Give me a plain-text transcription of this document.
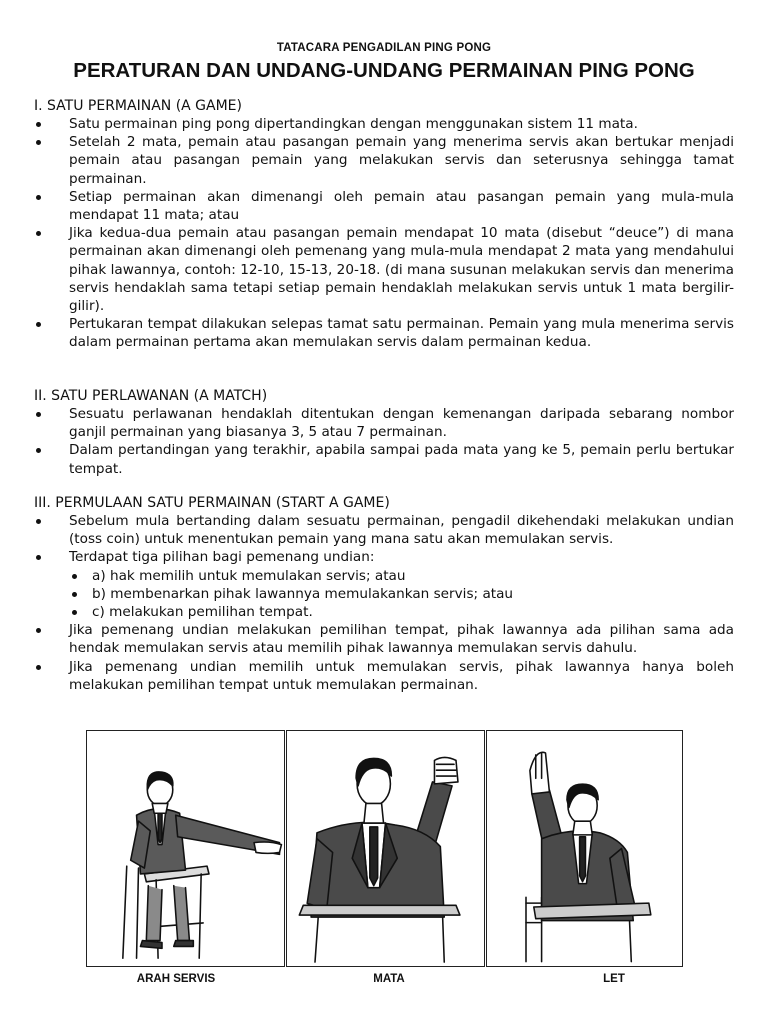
TATACARA PENGADILAN PING PONG
PERATURAN DAN UNDANG-UNDANG PERMAINAN PING PONG
I. SATU PERMAINAN (A GAME)
Satu permainan ping pong dipertandingkan dengan menggunakan sistem 11 mata.
Setelah 2 mata, pemain atau pasangan pemain yang menerima servis akan bertukar menjadi pemain atau pasangan pemain yang melakukan servis dan seterusnya sehingga tamat permainan.
Setiap permainan akan dimenangi oleh pemain atau pasangan pemain yang mula-mula mendapat 11 mata; atau
Jika kedua-dua pemain atau pasangan pemain mendapat 10 mata (disebut “deuce”) di mana permainan akan dimenangi oleh pemenang yang mula-mula mendapat 2 mata yang mendahului pihak lawannya, contoh: 12-10, 15-13, 20-18. (di mana susunan melakukan servis dan menerima servis hendaklah sama tetapi setiap pemain hendaklah melakukan servis untuk 1 mata bergilir-gilir).
Pertukaran tempat dilakukan selepas tamat satu permainan. Pemain yang mula menerima servis dalam permainan pertama akan memulakan servis dalam permainan kedua.
II. SATU PERLAWANAN (A MATCH)
Sesuatu perlawanan hendaklah ditentukan dengan kemenangan daripada sebarang nombor ganjil permainan yang biasanya 3, 5 atau 7 permainan.
Dalam pertandingan yang terakhir, apabila sampai pada mata yang ke 5, pemain perlu bertukar tempat.
III. PERMULAAN SATU PERMAINAN (START A GAME)
Sebelum mula bertanding dalam sesuatu permainan, pengadil dikehendaki melakukan undian (toss coin) untuk menentukan pemain yang mana satu akan memulakan servis.
Terdapat tiga pilihan bagi pemenang undian:
a) hak memilih untuk memulakan servis; atau
b) membenarkan pihak lawannya memulakankan servis; atau
c) melakukan pemilihan tempat.
Jika pemenang undian melakukan pemilihan tempat, pihak lawannya ada pilihan sama ada hendak memulakan servis atau memilih pihak lawannya memulakan servis dahulu.
Jika pemenang undian memilih untuk memulakan servis, pihak lawannya hanya boleh melakukan pemilihan tempat untuk memulakan permainan.
ARAH SERVIS	MATA	LET
